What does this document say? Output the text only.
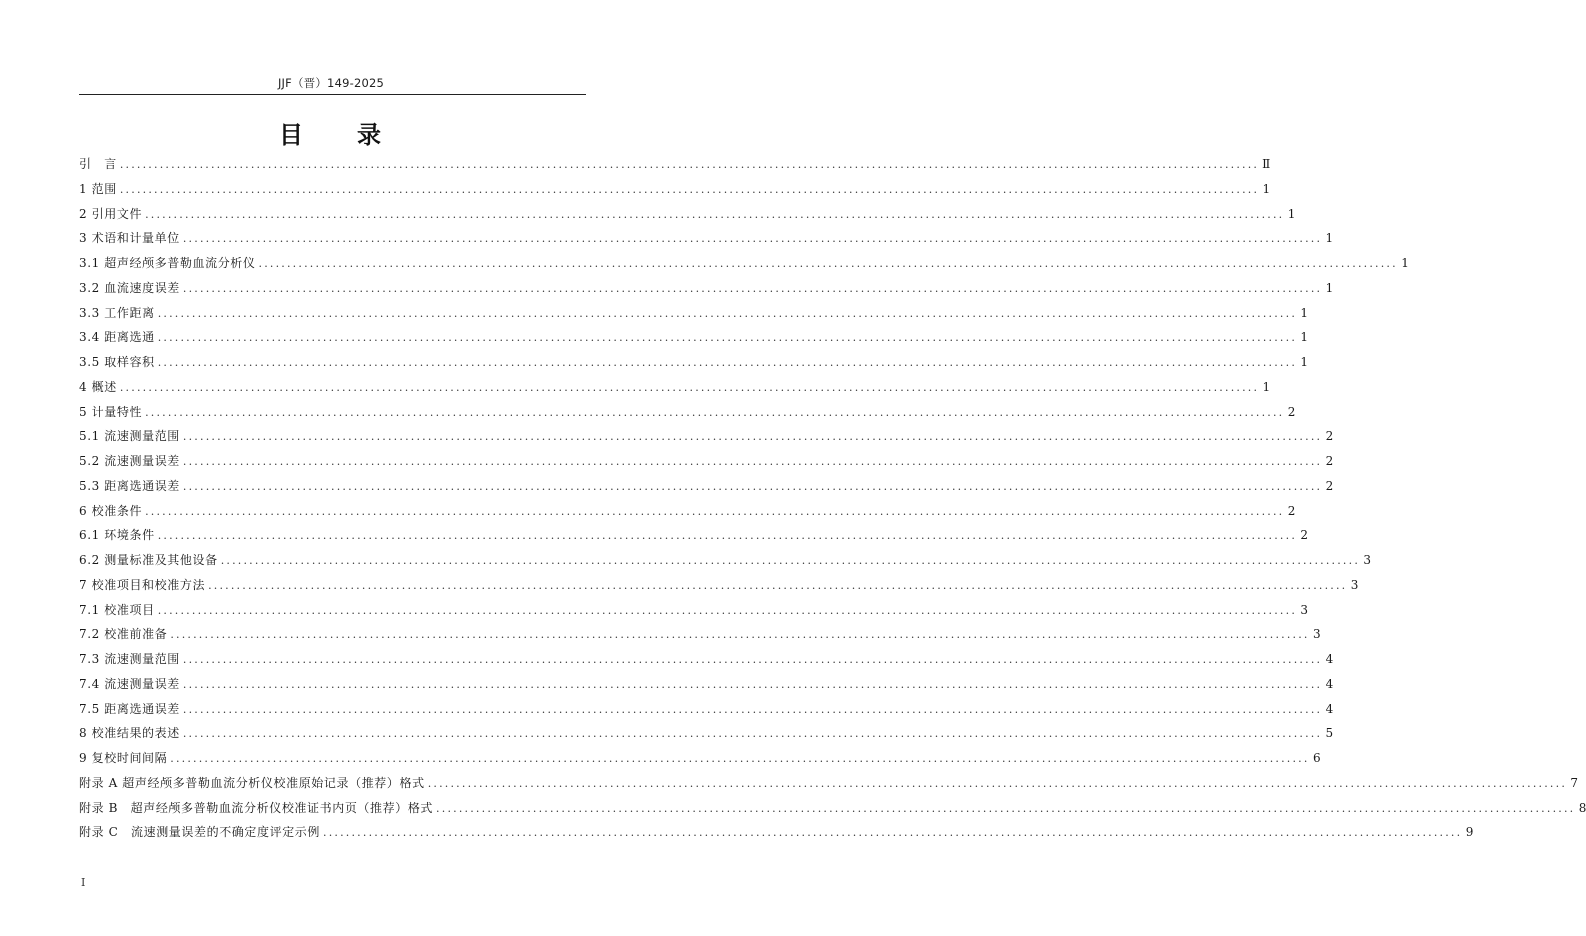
JJF（晋）149-2025
目 录
引　言 ........................................................................................................................................................................................................ Ⅱ
1 范围 ........................................................................................................................................................................................................ 1
2 引用文件 ........................................................................................................................................................................................................ 1
3 术语和计量单位 ........................................................................................................................................................................................................ 1
3.1 超声经颅多普勒血流分析仪 ........................................................................................................................................................................................................ 1
3.2 血流速度误差 ........................................................................................................................................................................................................ 1
3.3 工作距离 ........................................................................................................................................................................................................ 1
3.4 距离选通 ........................................................................................................................................................................................................ 1
3.5 取样容积 ........................................................................................................................................................................................................ 1
4 概述 ........................................................................................................................................................................................................ 1
5 计量特性 ........................................................................................................................................................................................................ 2
5.1 流速测量范围 ........................................................................................................................................................................................................ 2
5.2 流速测量误差 ........................................................................................................................................................................................................ 2
5.3 距离选通误差 ........................................................................................................................................................................................................ 2
6 校准条件 ........................................................................................................................................................................................................ 2
6.1 环境条件 ........................................................................................................................................................................................................ 2
6.2 测量标准及其他设备 ........................................................................................................................................................................................................ 3
7 校准项目和校准方法 ........................................................................................................................................................................................................ 3
7.1 校准项目 ........................................................................................................................................................................................................ 3
7.2 校准前准备 ........................................................................................................................................................................................................ 3
7.3 流速测量范围 ........................................................................................................................................................................................................ 4
7.4 流速测量误差 ........................................................................................................................................................................................................ 4
7.5 距离选通误差 ........................................................................................................................................................................................................ 4
8 校准结果的表述 ........................................................................................................................................................................................................ 5
9 复校时间间隔 ........................................................................................................................................................................................................ 6
附录 A 超声经颅多普勒血流分析仪校准原始记录（推荐）格式 ........................................................................................................................................................................................................ 7
附录 B　超声经颅多普勒血流分析仪校准证书内页（推荐）格式 ........................................................................................................................................................................................................ 8
附录 C　流速测量误差的不确定度评定示例 ........................................................................................................................................................................................................ 9
I
